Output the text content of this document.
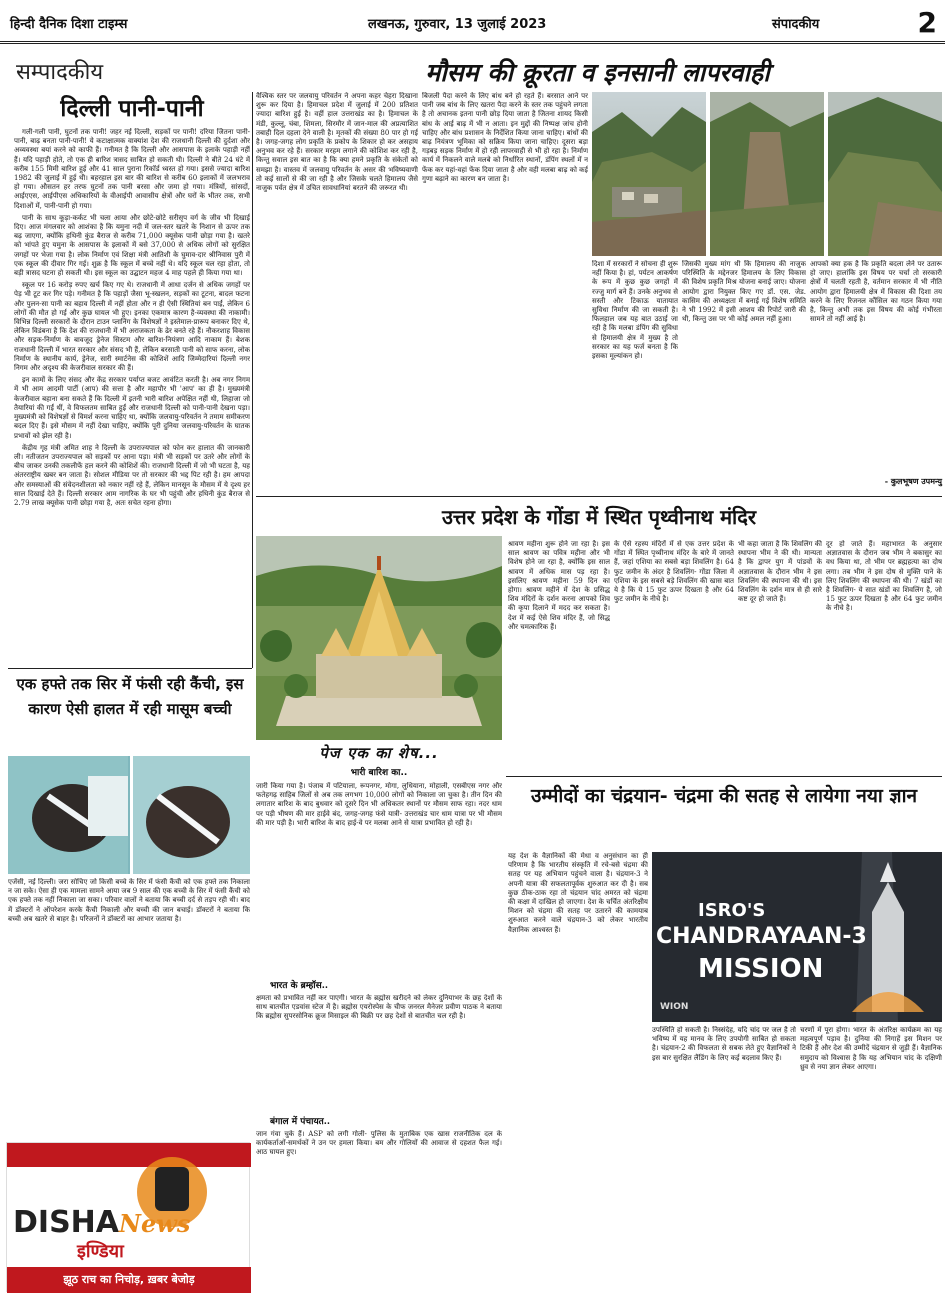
हिन्दी दैनिक दिशा टाइम्स	लखनऊ, गुरुवार, 13 जुलाई 2023	संपादकीय	2
सम्पादकीय	मौसम की क्रूरता व इनसानी लापरवाही
दिल्ली पानी-पानी

गली-गली पानी, घुटनों तक पानी! जहर नई दिल्ली, सड़कों पर पानी! दरिया जितना पानी-पानी, बाढ़ बनता पानी-पानी! ये कटाक्षात्मक वाक्यांश देश की राजधानी दिल्ली की दुर्दशा और अव्यवस्था बयां करने को काफी हैं। गनीमत है कि दिल्ली और आसपास के इलाके पहाड़ी नहीं हैं। यदि पहाड़ी होते, तो एक ही बारिश त्रासद साबित हो सकती थी। दिल्ली ने बीते 24 घंटे में करीब 155 मिमी बारिश हुई और 41 साल पुराना रिकॉर्ड ध्वस्त हो गया। इससे ज्यादा बारिश 1982 की जुलाई में हुई थी। बहरहाल इस बार की बारिश से करीब 60 इलाकों में जलभराव हो गया। औसतन हर तरफ घुटनों तक पानी बरसा और जमा हो गया। मंत्रियों, सांसदों, आईएएस, आईपीएस अधिकारियों के वीआईपी आवासीय क्षेत्रों और घरों के भीतर तक, सभी दिशाओं में, पानी-पानी हो गया।

पानी के साथ कूड़ा-कर्कट भी चला आया और छोटे-छोटे सरीसृप वर्ग के जीव भी दिखाई दिए। आज मंगलवार को आशंका है कि यमुना नदी में जल-स्तर खतरे के निशान से ऊपर तक बढ़ जाएगा, क्योंकि हथिनी कुंड बैराज से करीब 71,000 क्यूसेक पानी छोड़ा गया है। खतरे को भांपते हुए यमुना के आसपास के इलाकों में बसे 37,000 से अधिक लोगों को सुरक्षित जगहों पर भेजा गया है। लोक निर्माण एवं शिक्षा मंत्री आतिशी के घुमाव-दार श्रीनिवास पुरी में एक स्कूल की दीवार गिर गई। शुक्र है कि स्कूल में बच्चे नहीं थे। यदि स्कूल चल रहा होता, तो बड़ी त्रासद घटना हो सकती थी। इस स्कूल का उद्घाटन महज 4 माह पहले ही किया गया था।

स्कूल पर 16 करोड़ रुपए खर्च किए गए थे। राजधानी में आधा दर्जन से अधिक जगहों पर पेड़ भी टूट कर गिर पड़े। गनीमत है कि पहाड़ों जैसा भू-स्खलन, सड़कों का टूटना, बादल फटना और पुलन-सा पानी का बहाव दिल्ली में नहीं होता और न ही ऐसी स्थितियां बन पाईं, लेकिन 6 लोगों की मौत हो गई और कुछ घायल भी हुए। इनका एकमात्र कारण है-व्यवस्था की नाकामी। विभिन्न दिल्ली सरकारों के दौरान टाउन प्लानिंग के विशेषज्ञों ने इस्तेमाल-प्रारूप बनाकर दिए थे, लेकिन विडंबना है कि देश की राजधानी में भी अराजकता के ढेर बनते रहे हैं। नौकरशाह विकास और सड़क-निर्माण के बावजूद ड्रेनेज सिस्टम और बारिश-नियंत्रण आदि नाकाम हैं। बेशक राजधानी दिल्ली में भारत सरकार और संसद भी हैं, लेकिन बरसाती पानी को साफ करना, लोक निर्माण के स्थानीय कार्य, ड्रेनेज, सारी स्मार्टनेस की कोशिशें आदि जिम्मेदारियां दिल्ली नगर निगम और अदृश्य की केजरीवाल सरकार की हैं।

इन कामों के लिए संसद और केंद्र सरकार पर्याप्त बजट आवंटित करती है। अब नगर निगम में भी आम आदमी पार्टी (आप) की सत्ता है और महापौर भी 'आप' का ही है। मुख्यमंत्री केजरीवाल बहाना बना सकते हैं कि दिल्ली में इतनी भारी बारिश अपेक्षित नहीं थी, लिहाजा जो तैयारियां की गईं थीं, वे विफलतम साबित हुईं और राजधानी दिल्ली को पानी-पानी देखना पड़ा। मुख्यमंत्री को विशेषज्ञों से विमर्श करना चाहिए था, क्योंकि जलवायु-परिवर्तन ने तमाम समीकरण बदल दिए हैं। इसे मौसम में नहीं देखा चाहिए, क्योंकि पूरी दुनिया जलवायु-परिवर्तन के घातक प्रभावों को झेल रही है।

केंद्रीय गृह मंत्री अमित शाह ने दिल्ली के उपराज्यपाल को फोन कर हालात की जानकारी ली। नतीजतन उपराज्यपाल को सड़कों पर आना पड़ा। मंत्री भी सड़कों पर उतरे और लोगों के बीच जाकर उनकी तकलीफें हल करने की कोशिशें की। राजधानी दिल्ली में जो भी घटता है, यह अंतरराष्ट्रीय खबर बन जाता है। सोशल मीडिया पर तो सरकार की भद्द पिट रही है। हम आपदा और समस्याओं की संवेदनशीलता को नकार नहीं रहे हैं, लेकिन मानसून के मौसम में ये दृश्य हर साल दिखाई देते हैं। दिल्ली सरकार आम नागरिक के घर भी पहुंची और हथिनी कुंड बैराज से 2.79 लाख क्यूसेक पानी छोड़ा गया है, अतः सचेत रहना होगा।

वैश्विक स्तर पर जलवायु परिवर्तन ने अपना कहर चेहरा दिखाना शुरू कर दिया है। हिमाचल प्रदेश में जुलाई में 200 प्रतिशत ज्यादा बारिश हुई है। वहीं हाल उत्तराखंड का है। हिमाचल के मंडी, कुल्लू, चंबा, शिमला, सिरमौर में जान-माल की अप्रत्याशित तबाही दिल दहला देने वाली है। मृतकों की संख्या 80 पार हो गई है। जगह-जगह लोग प्रकृति के प्रकोप के शिकार हो कर असहाय अनुभव कर रहे हैं। सरकार मरहम लगाने की कोशिश कर रही है, किन्तु सवाल इस बात का है कि क्या हमने प्रकृति के संकेतों को समझा है। वास्तव में जलवायु परिवर्तन के असर की भविष्यवाणी तो कई सालों से की जा रही है और जिसके चलते हिमालय जैसे नाजुक पर्वत क्षेत्र में उचित सावधानियां बरतने की जरूरत थी।
बिजली पैदा करने के लिए बांध बने हो रहते हैं। बरसात आने पर पानी जब बांध के लिए खतरा पैदा करने के स्तर तक पहुंचने लगता है तो अचानक इतना पानी छोड़ दिया जाता है जितना शायद किसी बांध के आई बाढ़ में भी न आता। इन मुद्दों की निष्पक्ष जांच होनी चाहिए और बांध प्रशासन के निर्देशित किया जाना चाहिए। बांधों की बाढ़ नियंत्रण भूमिका को सक्रिय किया जाना चाहिए। दूसरा बड़ा गड़बड़ सड़क निर्माण में हो रही लापरवाही से भी हो रहा है। निर्माण कार्य में निकलने वाले मलबे को निर्धारित स्थानों, डंपिंग स्थलों में न फेंक कर यहां-वहां फेंक दिया जाता है और वही मलबा बाढ़ को कई गुणा बढ़ाने का कारण बन जाता है।
दिशा में सरकारों ने सोचना ही शुरू नहीं किया है। हां, पर्यटन आकर्षण के रूप में कुछ कुछ जगहों में रज्जु मार्ग बने हैं। उनके अनुभव से सस्ती और टिकाऊ यातायात सुविधा निर्माण की जा सकती है। फिलहाल जब यह बात उठाई जा रही है कि मलबा डंपिंग की सुविधा से हिमालयी क्षेत्र में मुख्य है तो सरकार का यह फर्ज बनता है कि इसका मूल्यांकन हो।
जिसकी मुख्य मांग थी कि हिमालय की नाजुक परिस्थिति के मद्देनजर हिमालय के लिए विकास की विशेष प्रकृति मिश्र योजना बनाई जाए। योजना आयोग द्वारा नियुक्त किए गए डॉ. एस. जेड. कासिम की अध्यक्षता में बनाई गई विशेष समिति ने भी 1992 में इसी आशय की रिपोर्ट जारी की थी, किन्तु उस पर भी कोई अमल नहीं हुआ।
आपको क्या हक है कि प्रकृति बदला लेने पर उतारू हो जाए। हालांकि इस विषय पर चर्चा तो सरकारी क्षेत्रों में चलती रहती है, वर्तमान सरकार में भी नीति आयोग द्वारा हिमालयी क्षेत्र में विकास की दिशा तय करने के लिए रिजनल कौंसिल का गठन किया गया है, किन्तु अभी तक इस विषय की कोई गंभीरता सामने तो नहीं आई है।
- कुलभूषण उपमन्यु
उत्तर प्रदेश के गोंडा में स्थित पृथ्वीनाथ मंदिर
श्रावण महीना शुरू होने जा रहा है। इस साल श्रावण का पवित्र महीना और भी विशेष होने जा रहा है, क्योंकि इस साल श्रावण में अधिक मास पड़ रहा है। इसलिए श्रावण महीना 59 दिन का होगा। श्रावण महीने में देश के प्रसिद्ध शिव मंदिरों के दर्शन करना आपको शिव की कृपा दिलाने में मदद कर सकता है। देश में कई ऐसे शिव मंदिर हैं, जो सिद्ध और चमत्कारिक हैं।
के ऐसे रहस्य मंदिरों में से एक उत्तर प्रदेश के गोंडा में स्थित पृथ्वीनाथ मंदिर के बारे में जानते हैं, जहां एशिया का सबसे बड़ा शिवलिंग है। 64 फुट जमीन के अंदर है शिवलिंग- गोंडा जिला में एशिया के इस सबसे बड़े शिवलिंग की खास बात ये है कि ये 15 फुट ऊपर दिखता है और 64 फुट जमीन के नीचे है।
भी कहा जाता है कि शिवलिंग की स्थापना भीम ने की थी। मान्यता है कि द्वापर युग में पांडवों के अज्ञातवास के दौरान भीम ने इस शिवलिंग की स्थापना की थी। इस शिवलिंग के दर्शन मात्र से ही सारे कष्ट दूर हो जाते हैं।
दूर हो जाते हैं। महाभारत के अनुसार अज्ञातवास के दौरान जब भीम ने बकासुर का वध किया था, तो भीम पर ब्रह्महत्या का दोष लगा। तब भीम ने इस दोष से मुक्ति पाने के लिए शिवलिंग की स्थापना की थी। 7 खंडों का है शिवलिंग- ये सात खंडों का शिवलिंग है, जो 15 फुट ऊपर दिखता है और 64 फुट जमीन के नीचे है।
एक हफ्ते तक सिर में फंसी रही कैंची, इस कारण ऐसी हालत में रही मासूम बच्ची
एजेंसी, नई दिल्ली। जरा सोचिए जो किसी बच्चे के सिर में फंसी कैंची को एक हफ्ते तक निकाला न जा सके। ऐसा ही एक मामला सामने आया जब 9 साल की एक बच्ची के सिर में फंसी कैंची को एक हफ्ते तक नहीं निकाला जा सका। परिवार वालों ने बताया कि बच्ची दर्द से तड़प रही थी। बाद में डॉक्टरों ने ऑपरेशन करके कैंची निकाली और बच्ची की जान बचाई। डॉक्टरों ने बताया कि बच्ची अब खतरे से बाहर है। परिजनों ने डॉक्टरों का आभार जताया है।
पेज एक का शेष...
भारी बारिश का..
जारी किया गया है। पंजाब में पटियाला, रूपनगर, मोगा, लुधियाना, मोहाली, एसबीएस नगर और फतेहगढ़ साहिब जिलों से अब तक लगभग 10,000 लोगों को निकाला जा चुका है। तीन दिन की लगातार बारिश के बाद बुधवार को दूसरे दिन भी अधिकतर स्थानों पर मौसम साफ रहा। नदर धाम पर पड़ी भीषण की मार हाईवे बंद, जगह-जगह फंसे यात्री- उत्तराखंड चार धाम यात्रा पर भी मौसम की मार पड़ी है। भारी बारिश के बाद हाई-वे पर मलबा आने से यात्रा प्रभावित हो रही है।
भारत के ब्रम्हॉस..
क्षमता को प्रभावित नहीं कर पाएगी। भारत के ब्रह्मोस खरीदने को लेकर दुनियाभर के छह देशों के साथ बातचीत एडवांस स्टेज में है। ब्रह्मोस एयरोस्पेस के चीफ जनरल मैनेजर प्रवीण पाठक ने बताया कि ब्रह्मोस सुपरसोनिक क्रूज मिसाइल की बिक्री पर छह देशों से बातचीत चल रही है।
बंगाल में पंचायत..
जान गंवा चुके हैं। ASP को लगी गोली- पुलिस के मुताबिक एक खास राजनीतिक दल के कार्यकर्ताओं-समर्थकों ने उन पर हमला किया। बम और गोलियों की आवाज से दहशत फैल गई। आठ घायल हुए।
उम्मीदों का चंद्रयान- चंद्रमा की सतह से लायेगा नया ज्ञान
यह देश के वैज्ञानिकों की मेधा व अनुसंधान का ही परिणाम है कि भारतीय संस्कृति में रचे-बसे चंद्रमा की सतह पर यह अभियान पहुंचने वाला है। चंद्रयान-3 ने अपनी यात्रा की सफलतापूर्वक शुरुआत कर दी है। सब कुछ ठीक-ठाक रहा तो चंद्रयान चांद अमरत को चंद्रमा की कक्षा में दाखिल हो जाएगा। देश के चर्चित अंतरिक्षीय मिशन को चंद्रमा की सतह पर उतारने की कामयाब शुरुआत करने वाले चंद्रयान-3 को लेकर भारतीय वैज्ञानिक आश्वस्त हैं।
ISRO'S
CHANDRAYAAN-3
MISSION
WION
उपस्थिति हो सकती है। निस्संदेह, यदि चांद पर जल है तो भविष्य में यह मानव के लिए उपयोगी साबित हो सकता है। चंद्रयान-2 की विफलता से सबक लेते हुए वैज्ञानिकों ने इस बार सुरक्षित लैंडिंग के लिए कई बदलाव किए हैं।
चरणों में पूरा होगा। भारत के अंतरिक्ष कार्यक्रम का यह महत्वपूर्ण पड़ाव है। दुनिया की निगाहें इस मिशन पर टिकी हैं और देश की उम्मीदें चंद्रयान से जुड़ी हैं। वैज्ञानिक समुदाय को विश्वास है कि यह अभियान चांद के दक्षिणी ध्रुव से नया ज्ञान लेकर आएगा।
DISHA News
इण्डिया
झूठ राच का निचोड़, ख़बर बेजोड़
